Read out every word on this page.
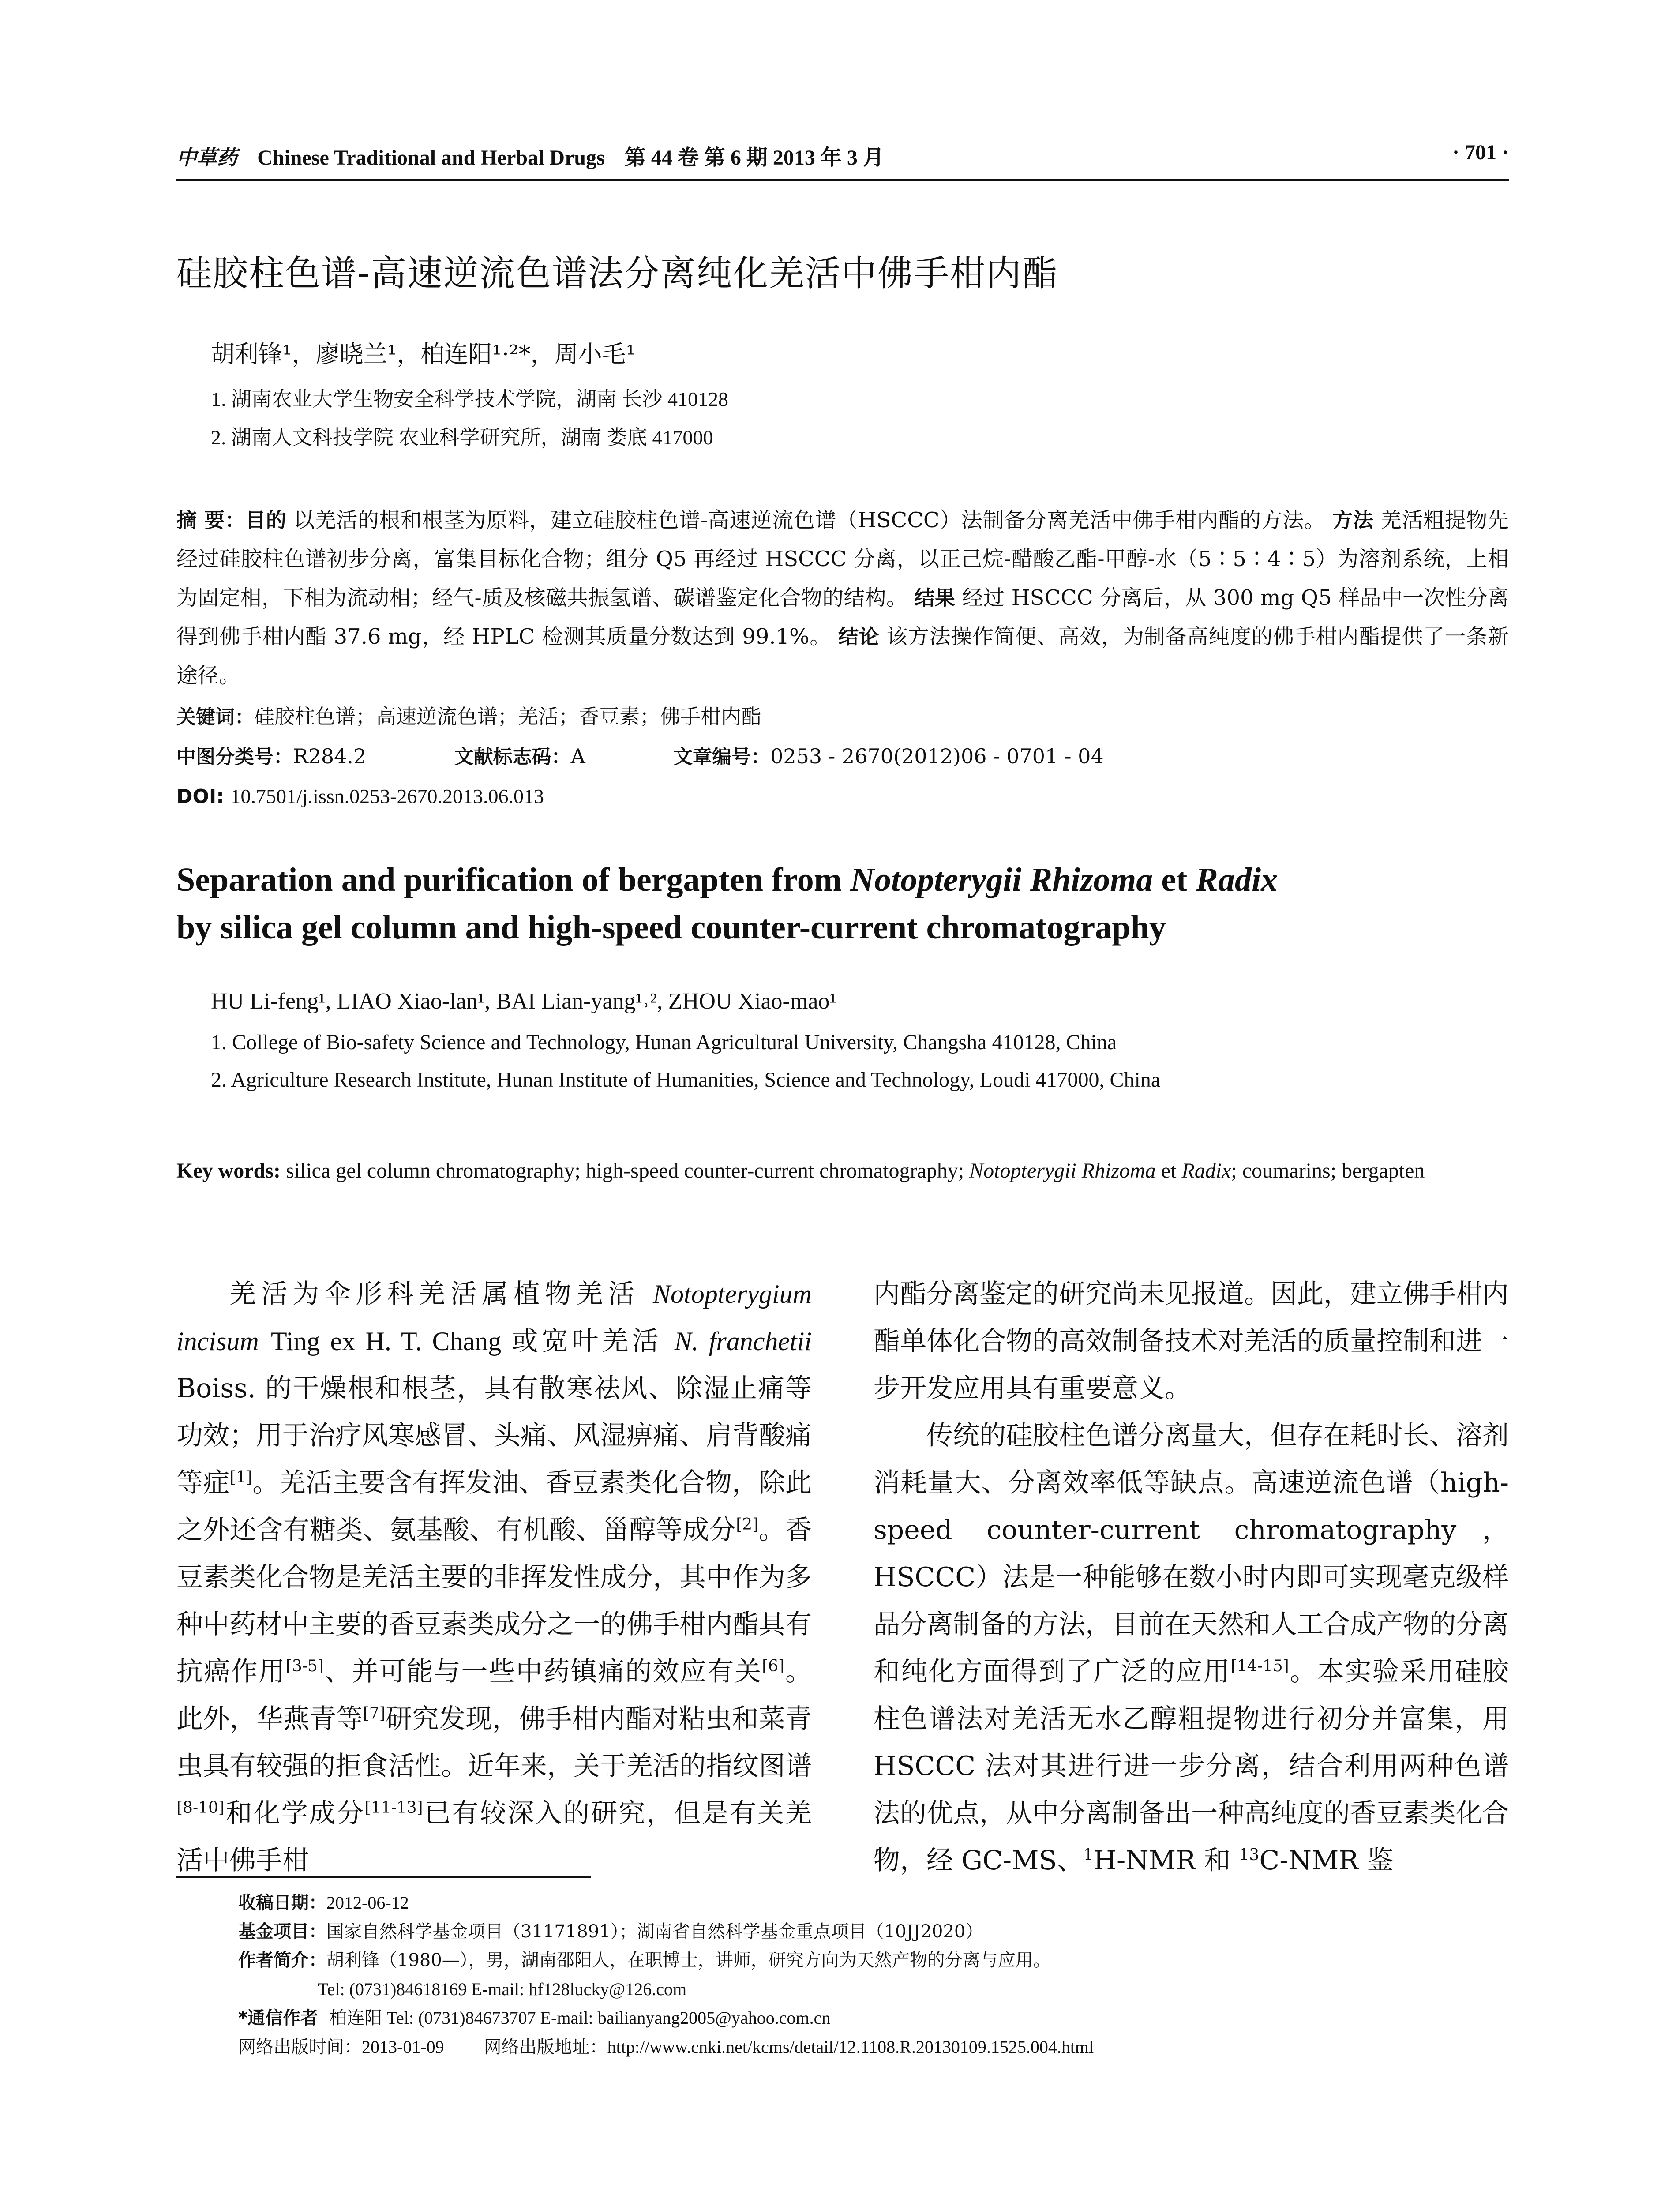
中草药 Chinese Traditional and Herbal Drugs 第 44 卷 第 6 期 2013 年 3 月	· 701 ·
硅胶柱色谱-高速逆流色谱法分离纯化羌活中佛手柑内酯
胡利锋¹，廖晓兰¹，柏连阳¹·²*，周小毛¹
1. 湖南农业大学生物安全科学技术学院，湖南 长沙 410128
2. 湖南人文科技学院 农业科学研究所，湖南 娄底 417000
摘 要：目的 以羌活的根和根茎为原料，建立硅胶柱色谱-高速逆流色谱（HSCCC）法制备分离羌活中佛手柑内酯的方法。 方法 羌活粗提物先经过硅胶柱色谱初步分离，富集目标化合物；组分 Q5 再经过 HSCCC 分离，以正己烷-醋酸乙酯-甲醇-水（5∶5∶4∶5）为溶剂系统，上相为固定相，下相为流动相；经气-质及核磁共振氢谱、碳谱鉴定化合物的结构。 结果 经过 HSCCC 分离后，从 300 mg Q5 样品中一次性分离得到佛手柑内酯 37.6 mg，经 HPLC 检测其质量分数达到 99.1%。 结论 该方法操作简便、高效，为制备高纯度的佛手柑内酯提供了一条新途径。
关键词：硅胶柱色谱；高速逆流色谱；羌活；香豆素；佛手柑内酯
中图分类号：R284.2	文献标志码：A	文章编号：0253 - 2670(2012)06 - 0701 - 04
DOI: 10.7501/j.issn.0253-2670.2013.06.013
Separation and purification of bergapten from Notopterygii Rhizoma et Radix
by silica gel column and high-speed counter-current chromatography
HU Li-feng¹, LIAO Xiao-lan¹, BAI Lian-yang¹˒², ZHOU Xiao-mao¹
1. College of Bio-safety Science and Technology, Hunan Agricultural University, Changsha 410128, China
2. Agriculture Research Institute, Hunan Institute of Humanities, Science and Technology, Loudi 417000, China
Key words: silica gel column chromatography; high-speed counter-current chromatography; Notopterygii Rhizoma et Radix; coumarins; bergapten

羌活为伞形科羌活属植物羌活 Notopterygium incisum Ting ex H. T. Chang 或宽叶羌活 N. franchetii Boiss. 的干燥根和根茎，具有散寒祛风、除湿止痛等功效；用于治疗风寒感冒、头痛、风湿痹痛、肩背酸痛等症[1]。羌活主要含有挥发油、香豆素类化合物，除此之外还含有糖类、氨基酸、有机酸、甾醇等成分[2]。香豆素类化合物是羌活主要的非挥发性成分，其中作为多种中药材中主要的香豆素类成分之一的佛手柑内酯具有抗癌作用[3-5]、并可能与一些中药镇痛的效应有关[6]。此外，华燕青等[7]研究发现，佛手柑内酯对粘虫和菜青虫具有较强的拒食活性。近年来，关于羌活的指纹图谱[8-10]和化学成分[11-13]已有较深入的研究，但是有关羌活中佛手柑

内酯分离鉴定的研究尚未见报道。因此，建立佛手柑内酯单体化合物的高效制备技术对羌活的质量控制和进一步开发应用具有重要意义。

传统的硅胶柱色谱分离量大，但存在耗时长、溶剂消耗量大、分离效率低等缺点。高速逆流色谱（high-speed counter-current chromatography，HSCCC）法是一种能够在数小时内即可实现毫克级样品分离制备的方法，目前在天然和人工合成产物的分离和纯化方面得到了广泛的应用[14-15]。本实验采用硅胶柱色谱法对羌活无水乙醇粗提物进行初分并富集，用 HSCCC 法对其进行进一步分离，结合利用两种色谱法的优点，从中分离制备出一种高纯度的香豆素类化合物，经 GC-MS、$^1$H-NMR 和 $^{13}$C-NMR 鉴

收稿日期：2012-06-12
基金项目：国家自然科学基金项目（31171891）；湖南省自然科学基金重点项目（10JJ2020）
作者简介：胡利锋（1980—），男，湖南邵阳人，在职博士，讲师，研究方向为天然产物的分离与应用。
Tel: (0731)84618169 E-mail: hf128lucky@126.com
*通信作者 柏连阳 Tel: (0731)84673707 E-mail: bailianyang2005@yahoo.com.cn
网络出版时间：2013-01-09 网络出版地址：http://www.cnki.net/kcms/detail/12.1108.R.20130109.1525.004.html
